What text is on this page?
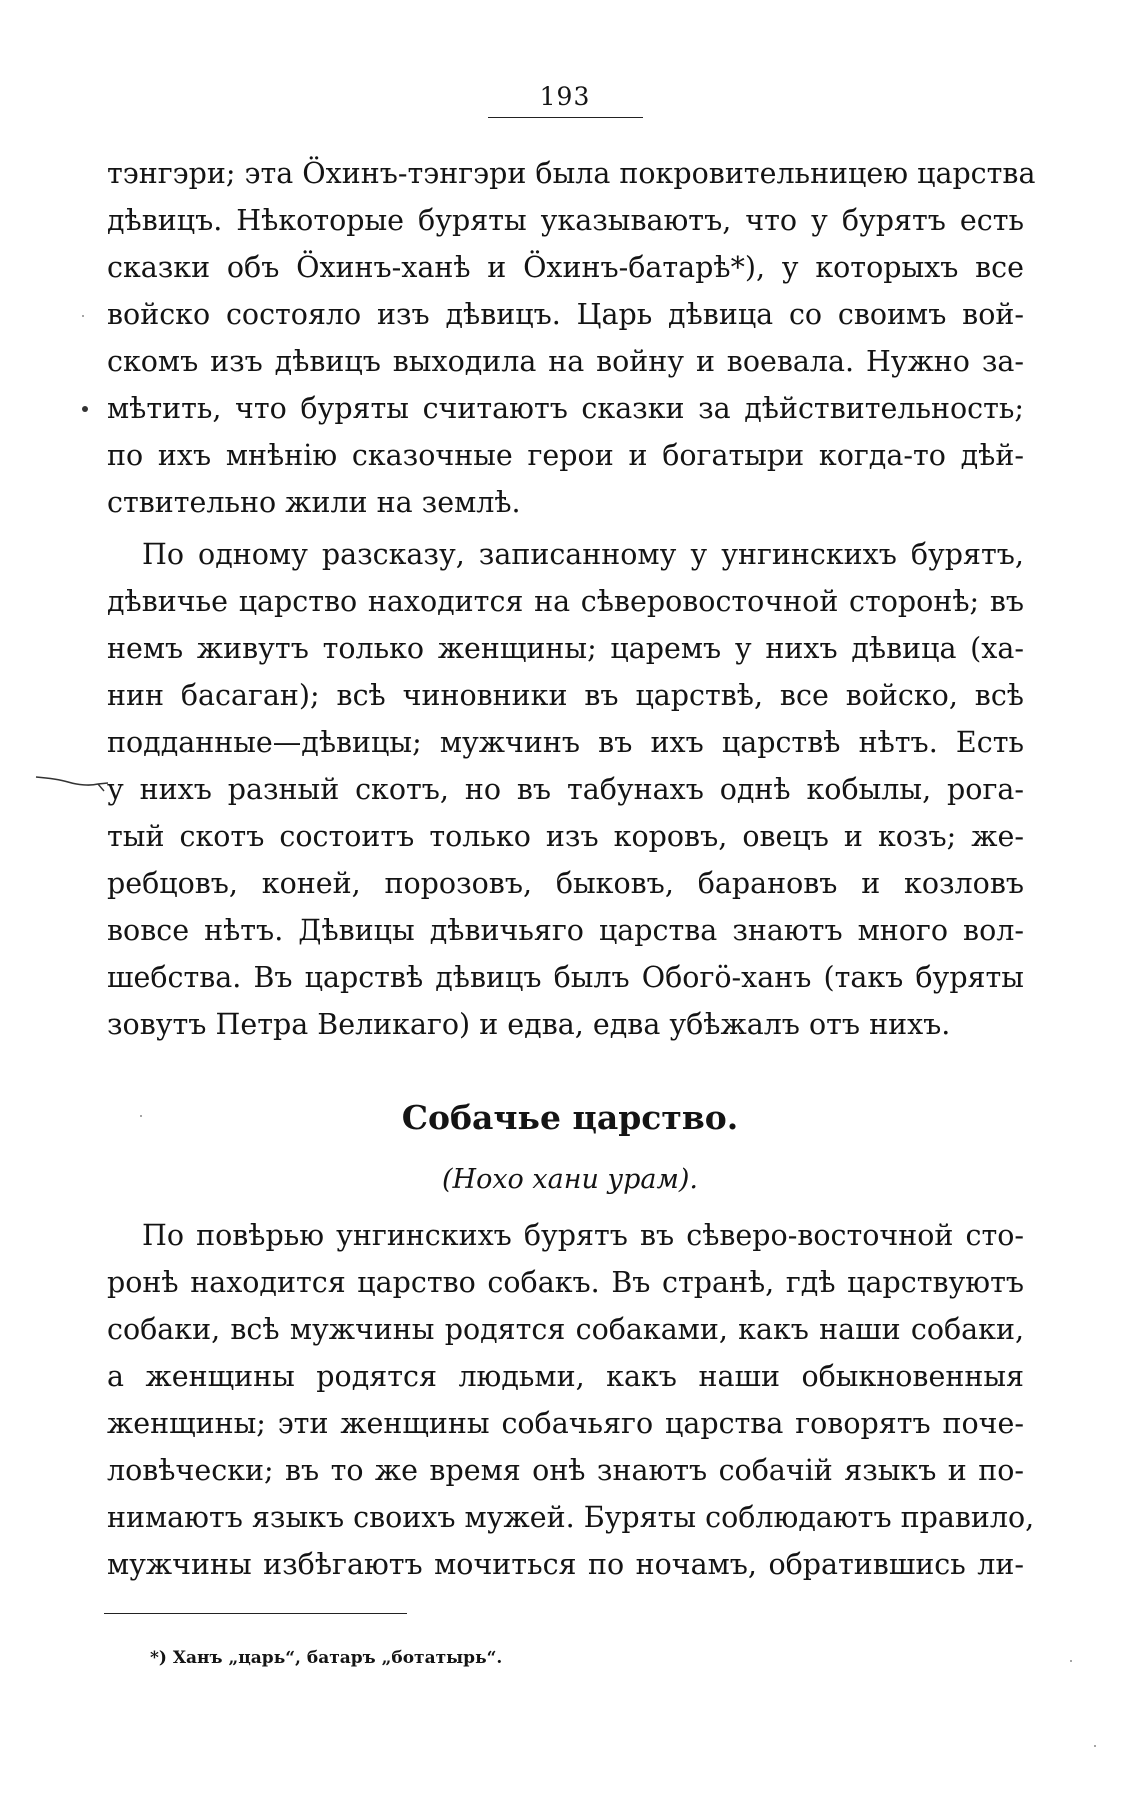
193
тэнгэри; эта Öхинъ-тэнгэри была покровительницею царства
дѣвицъ. Нѣкоторые буряты указываютъ, что у бурятъ есть
сказки объ Öхинъ-ханѣ и Öхинъ-батарѣ*), у которыхъ все
войско состояло изъ дѣвицъ. Царь дѣвица со своимъ вой-
скомъ изъ дѣвицъ выходила на войну и воевала. Нужно за-
мѣтить, что буряты считаютъ сказки за дѣйствительность;
по ихъ мнѣнію сказочные герои и богатыри когда-то дѣй-
ствительно жили на землѣ.
По одному разсказу, записанному у унгинскихъ бурятъ,
дѣвичье царство находится на сѣверовосточной сторонѣ; въ
немъ живутъ только женщины; царемъ у нихъ дѣвица (ха-
нин басаган); всѣ чиновники въ царствѣ, все войско, всѣ
подданные—дѣвицы; мужчинъ въ ихъ царствѣ нѣтъ. Есть
у нихъ разный скотъ, но въ табунахъ однѣ кобылы, рога-
тый скотъ состоитъ только изъ коровъ, овецъ и козъ; же-
ребцовъ, коней, порозовъ, быковъ, барановъ и козловъ
вовсе нѣтъ. Дѣвицы дѣвичьяго царства знаютъ много вол-
шебства. Въ царствѣ дѣвицъ былъ Обогö-ханъ (такъ буряты
зовутъ Петра Великаго) и едва, едва убѣжалъ отъ нихъ.
Собачье царство.
(Нохо хани урам).
По повѣрью унгинскихъ бурятъ въ сѣверо-восточной сто-
ронѣ находится царство собакъ. Въ странѣ, гдѣ царствуютъ
собаки, всѣ мужчины родятся собаками, какъ наши собаки,
а женщины родятся людьми, какъ наши обыкновенныя
женщины; эти женщины собачьяго царства говорятъ поче-
ловѣчески; въ то же время онѣ знаютъ собачій языкъ и по-
нимаютъ языкъ своихъ мужей. Буряты соблюдаютъ правило,
мужчины избѣгаютъ мочиться по ночамъ, обратившись ли-
*) Ханъ „царь“, батаръ „ботатырь“.
